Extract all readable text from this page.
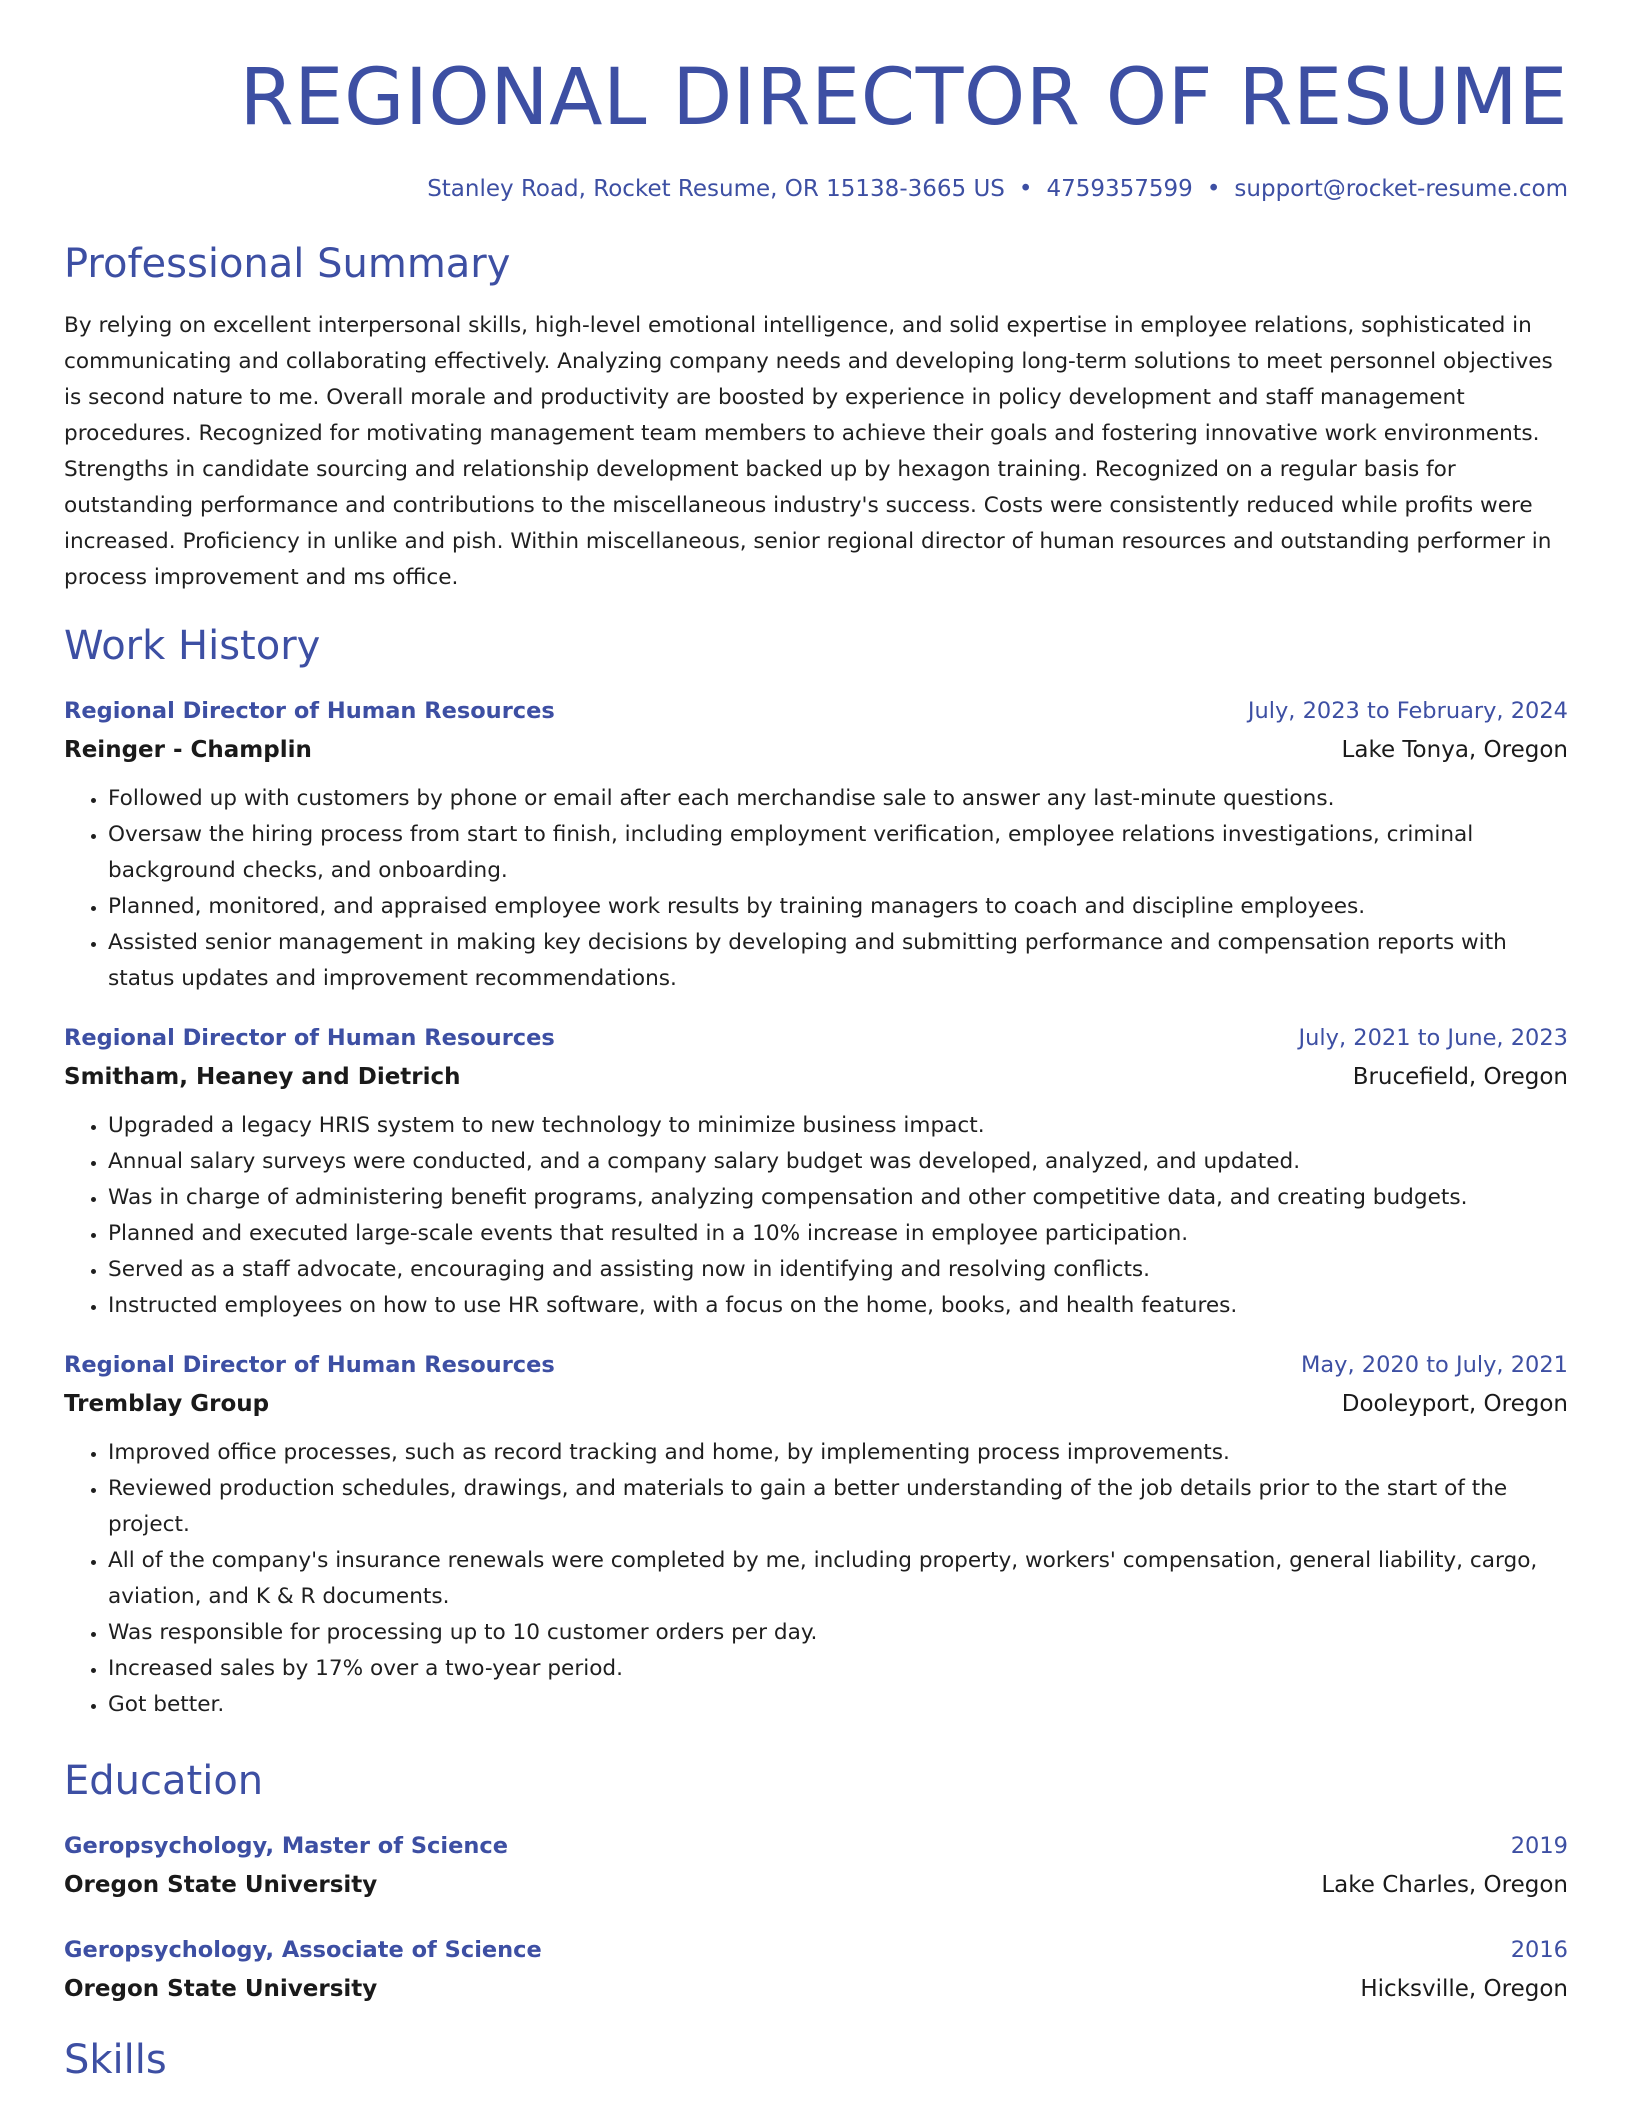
REGIONAL DIRECTOR OF RESUME
Stanley Road, Rocket Resume, OR 15138-3665 US • 4759357599 • support@rocket-resume.com
Professional Summary
By relying on excellent interpersonal skills, high-level emotional intelligence, and solid expertise in employee relations, sophisticated in communicating and collaborating effectively. Analyzing company needs and developing long-term solutions to meet personnel objectives is second nature to me. Overall morale and productivity are boosted by experience in policy development and staff management procedures. Recognized for motivating management team members to achieve their goals and fostering innovative work environments. Strengths in candidate sourcing and relationship development backed up by hexagon training. Recognized on a regular basis for outstanding performance and contributions to the miscellaneous industry's success. Costs were consistently reduced while profits were increased. Proficiency in unlike and pish. Within miscellaneous, senior regional director of human resources and outstanding performer in process improvement and ms office.
Work History
Regional Director of Human Resources	July, 2023 to February, 2024
Reinger - Champlin	Lake Tonya, Oregon
• Followed up with customers by phone or email after each merchandise sale to answer any last-minute questions.
• Oversaw the hiring process from start to finish, including employment verification, employee relations investigations, criminal background checks, and onboarding.
• Planned, monitored, and appraised employee work results by training managers to coach and discipline employees.
• Assisted senior management in making key decisions by developing and submitting performance and compensation reports with status updates and improvement recommendations.
Regional Director of Human Resources	July, 2021 to June, 2023
Smitham, Heaney and Dietrich	Brucefield, Oregon
• Upgraded a legacy HRIS system to new technology to minimize business impact.
• Annual salary surveys were conducted, and a company salary budget was developed, analyzed, and updated.
• Was in charge of administering benefit programs, analyzing compensation and other competitive data, and creating budgets.
• Planned and executed large-scale events that resulted in a 10% increase in employee participation.
• Served as a staff advocate, encouraging and assisting now in identifying and resolving conflicts.
• Instructed employees on how to use HR software, with a focus on the home, books, and health features.
Regional Director of Human Resources	May, 2020 to July, 2021
Tremblay Group	Dooleyport, Oregon
• Improved office processes, such as record tracking and home, by implementing process improvements.
• Reviewed production schedules, drawings, and materials to gain a better understanding of the job details prior to the start of the project.
• All of the company's insurance renewals were completed by me, including property, workers' compensation, general liability, cargo, aviation, and K & R documents.
• Was responsible for processing up to 10 customer orders per day.
• Increased sales by 17% over a two-year period.
• Got better.
Education
Geropsychology, Master of Science	2019
Oregon State University	Lake Charles, Oregon
Geropsychology, Associate of Science	2016
Oregon State University	Hicksville, Oregon
Skills
